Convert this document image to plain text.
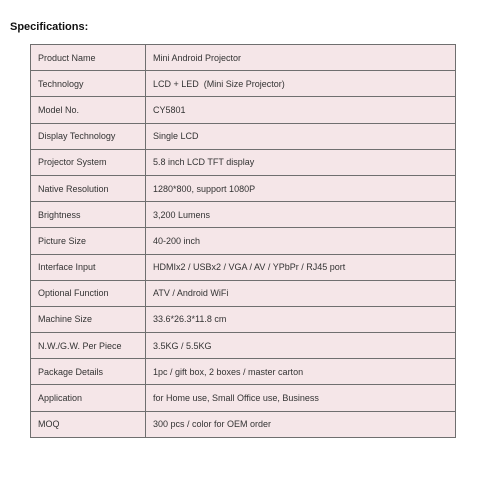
Specifications:
Product Name	Mini Android Projector
Technology	LCD + LED  (Mini Size Projector)
Model No.	CY5801
Display Technology	Single LCD
Projector System	5.8 inch LCD TFT display
Native Resolution	1280*800, support 1080P
Brightness	3,200 Lumens
Picture Size	40-200 inch
Interface Input	HDMIx2 / USBx2 / VGA / AV / YPbPr / RJ45 port
Optional Function	ATV / Android WiFi
Machine Size	33.6*26.3*11.8 cm
N.W./G.W. Per Piece	3.5KG / 5.5KG
Package Details	1pc / gift box, 2 boxes / master carton
Application	for Home use, Small Office use, Business
MOQ	300 pcs / color for OEM order
